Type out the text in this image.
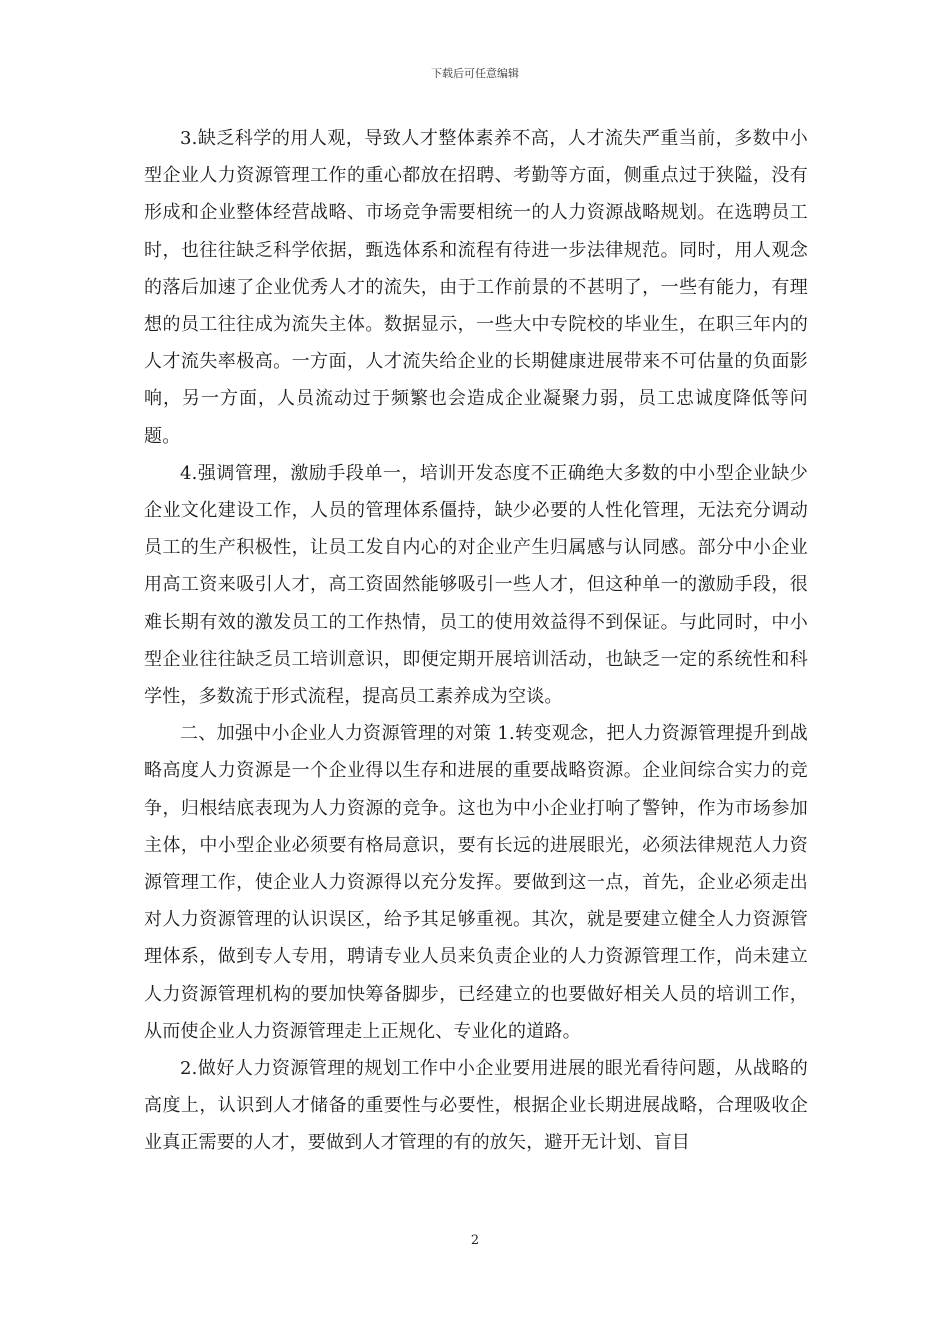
下载后可任意编辑

3.缺乏科学的用人观，导致人才整体素养不高，人才流失严重当前，多数中小型企业人力资源管理工作的重心都放在招聘、考勤等方面，侧重点过于狭隘，没有形成和企业整体经营战略、市场竞争需要相统一的人力资源战略规划。在选聘员工时，也往往缺乏科学依据，甄选体系和流程有待进一步法律规范。同时，用人观念的落后加速了企业优秀人才的流失，由于工作前景的不甚明了，一些有能力，有理想的员工往往成为流失主体。数据显示，一些大中专院校的毕业生，在职三年内的人才流失率极高。一方面，人才流失给企业的长期健康进展带来不可估量的负面影响，另一方面，人员流动过于频繁也会造成企业凝聚力弱，员工忠诚度降低等问题。

4.强调管理，激励手段单一，培训开发态度不正确绝大多数的中小型企业缺少企业文化建设工作，人员的管理体系僵持，缺少必要的人性化管理，无法充分调动员工的生产积极性，让员工发自内心的对企业产生归属感与认同感。部分中小企业用高工资来吸引人才，高工资固然能够吸引一些人才，但这种单一的激励手段，很难长期有效的激发员工的工作热情，员工的使用效益得不到保证。与此同时，中小型企业往往缺乏员工培训意识，即便定期开展培训活动，也缺乏一定的系统性和科学性，多数流于形式流程，提高员工素养成为空谈。

二、加强中小企业人力资源管理的对策 1.转变观念，把人力资源管理提升到战略高度人力资源是一个企业得以生存和进展的重要战略资源。企业间综合实力的竞争，归根结底表现为人力资源的竞争。这也为中小企业打响了警钟，作为市场参加主体，中小型企业必须要有格局意识，要有长远的进展眼光，必须法律规范人力资源管理工作，使企业人力资源得以充分发挥。要做到这一点，首先，企业必须走出对人力资源管理的认识误区，给予其足够重视。其次，就是要建立健全人力资源管理体系，做到专人专用，聘请专业人员来负责企业的人力资源管理工作，尚未建立人力资源管理机构的要加快筹备脚步，已经建立的也要做好相关人员的培训工作，从而使企业人力资源管理走上正规化、专业化的道路。

2.做好人力资源管理的规划工作中小企业要用进展的眼光看待问题，从战略的高度上，认识到人才储备的重要性与必要性，根据企业长期进展战略，合理吸收企业真正需要的人才，要做到人才管理的有的放矢，避开无计划、盲目

2
